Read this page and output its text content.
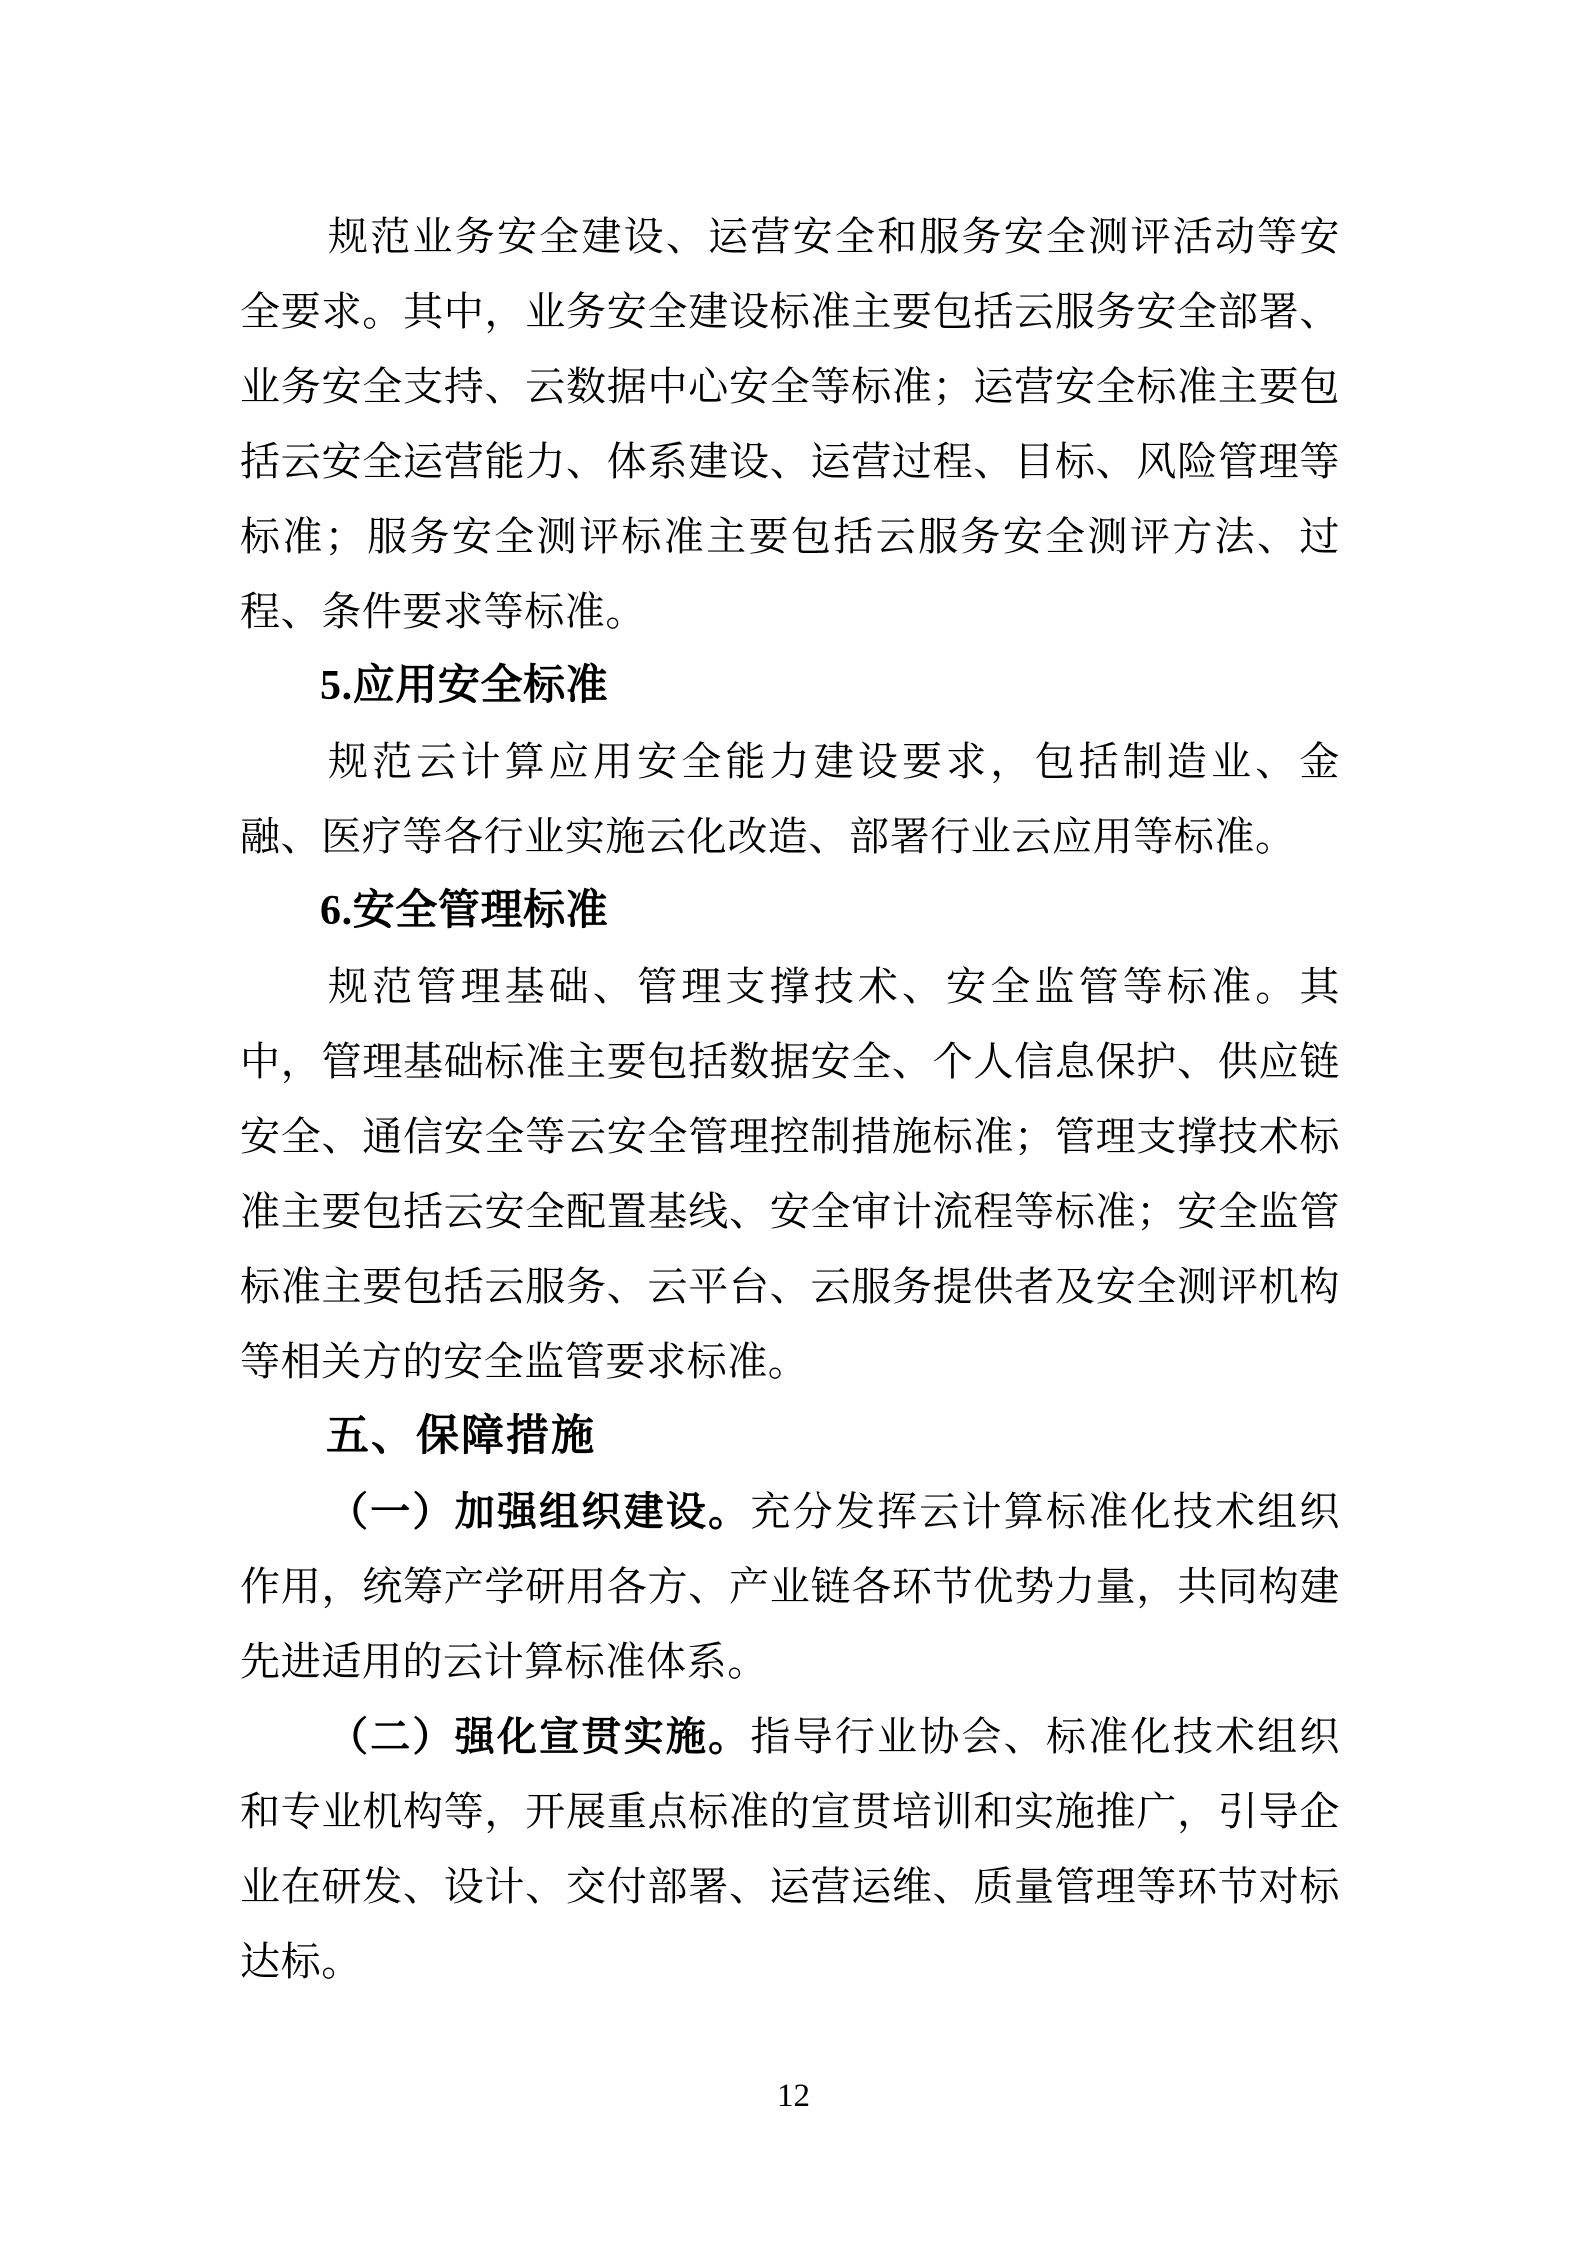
规范业务安全建设、运营安全和服务安全测评活动等安全要求。其中，业务安全建设标准主要包括云服务安全部署、业务安全支持、云数据中心安全等标准；运营安全标准主要包括云安全运营能力、体系建设、运营过程、目标、风险管理等标准；服务安全测评标准主要包括云服务安全测评方法、过程、条件要求等标准。

5.应用安全标准

规范云计算应用安全能力建设要求，包括制造业、金融、医疗等各行业实施云化改造、部署行业云应用等标准。

6.安全管理标准

规范管理基础、管理支撑技术、安全监管等标准。其中，管理基础标准主要包括数据安全、个人信息保护、供应链安全、通信安全等云安全管理控制措施标准；管理支撑技术标准主要包括云安全配置基线、安全审计流程等标准；安全监管标准主要包括云服务、云平台、云服务提供者及安全测评机构等相关方的安全监管要求标准。

五、保障措施

（一）加强组织建设。充分发挥云计算标准化技术组织作用，统筹产学研用各方、产业链各环节优势力量，共同构建先进适用的云计算标准体系。

（二）强化宣贯实施。指导行业协会、标准化技术组织和专业机构等，开展重点标准的宣贯培训和实施推广，引导企业在研发、设计、交付部署、运营运维、质量管理等环节对标达标。

12
